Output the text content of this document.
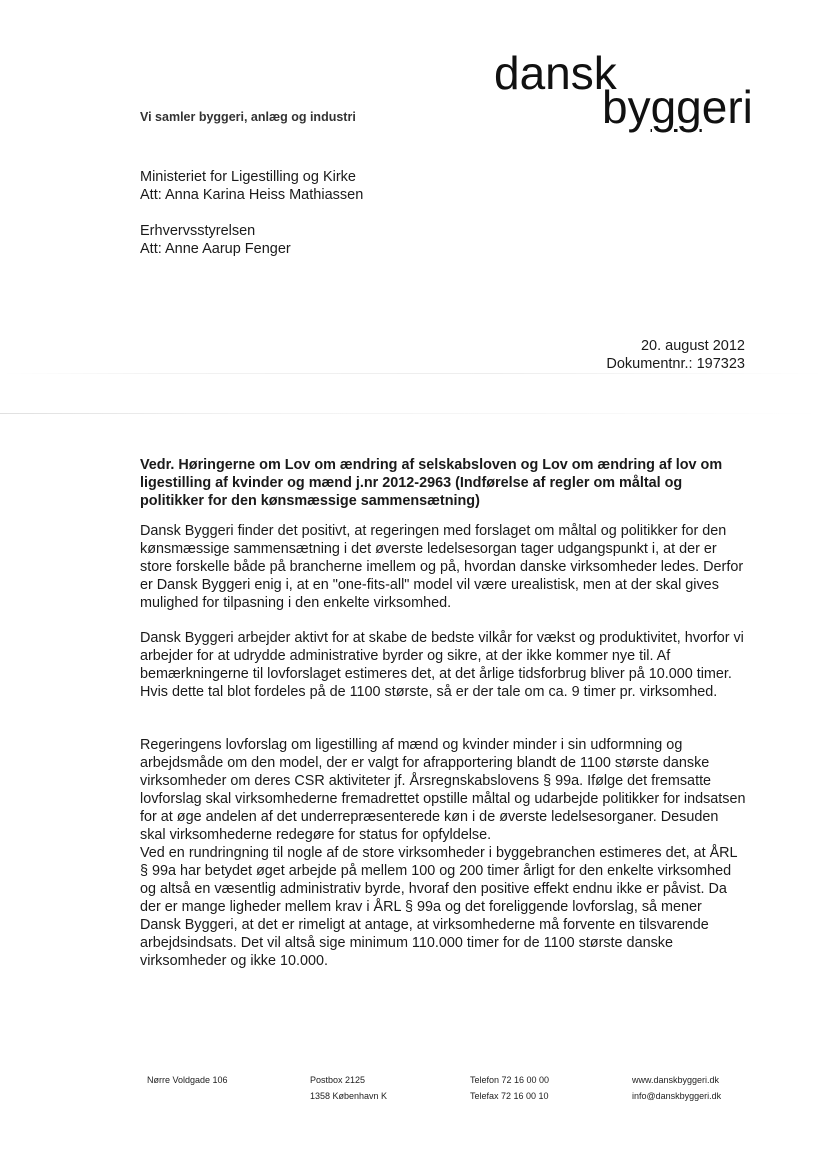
dansk
byggeri
Vi samler byggeri, anlæg og industri
Ministeriet for Ligestilling og Kirke
Att: Anna Karina Heiss Mathiassen
Erhvervsstyrelsen
Att: Anne Aarup Fenger
20. august 2012
Dokumentnr.: 197323
Vedr. Høringerne om Lov om ændring af selskabsloven og Lov om ændring af lov om ligestilling af kvinder og mænd j.nr 2012-2963 (Indførelse af regler om måltal og politikker for den kønsmæssige sammensætning)
Dansk Byggeri finder det positivt, at regeringen med forslaget om måltal og politikker for den kønsmæssige sammensætning i det øverste ledelsesorgan tager udgangspunkt i, at der er store forskelle både på brancherne imellem og på, hvordan danske virksomheder ledes. Derfor er Dansk Byggeri enig i, at en "one-fits-all" model vil være urealistisk, men at der skal gives mulighed for tilpasning i den enkelte virksomhed.
Dansk Byggeri arbejder aktivt for at skabe de bedste vilkår for vækst og produktivitet, hvorfor vi arbejder for at udrydde administrative byrder og sikre, at der ikke kommer nye til. Af bemærkningerne til lovforslaget estimeres det, at det årlige tidsforbrug bliver på 10.000 timer. Hvis dette tal blot fordeles på de 1100 største, så er der tale om ca. 9 timer pr. virksomhed.
Regeringens lovforslag om ligestilling af mænd og kvinder minder i sin udformning og arbejdsmåde om den model, der er valgt for afrapportering blandt de 1100 største danske virksomheder om deres CSR aktiviteter jf. Årsregnskabslovens § 99a. Ifølge det fremsatte lovforslag skal virksomhederne fremadrettet opstille måltal og udarbejde politikker for indsatsen for at øge andelen af det underrepræsenterede køn i de øverste ledelsesorganer. Desuden skal virksomhederne redegøre for status for opfyldelse.
Ved en rundringning til nogle af de store virksomheder i byggebranchen estimeres det, at ÅRL § 99a har betydet øget arbejde på mellem 100 og 200 timer årligt for den enkelte virksomhed og altså en væsentlig administrativ byrde, hvoraf den positive effekt endnu ikke er påvist. Da der er mange ligheder mellem krav i ÅRL § 99a og det foreliggende lovforslag, så mener Dansk Byggeri, at det er rimeligt at antage, at virksomhederne må forvente en tilsvarende arbejdsindsats. Det vil altså sige minimum 110.000 timer for de 1100 største danske virksomheder og ikke 10.000.
Nørre Voldgade 106	Postbox 2125
1358 København K
Telefon 72 16 00 00
Telefax 72 16 00 10
www.danskbyggeri.dk
info@danskbyggeri.dk
